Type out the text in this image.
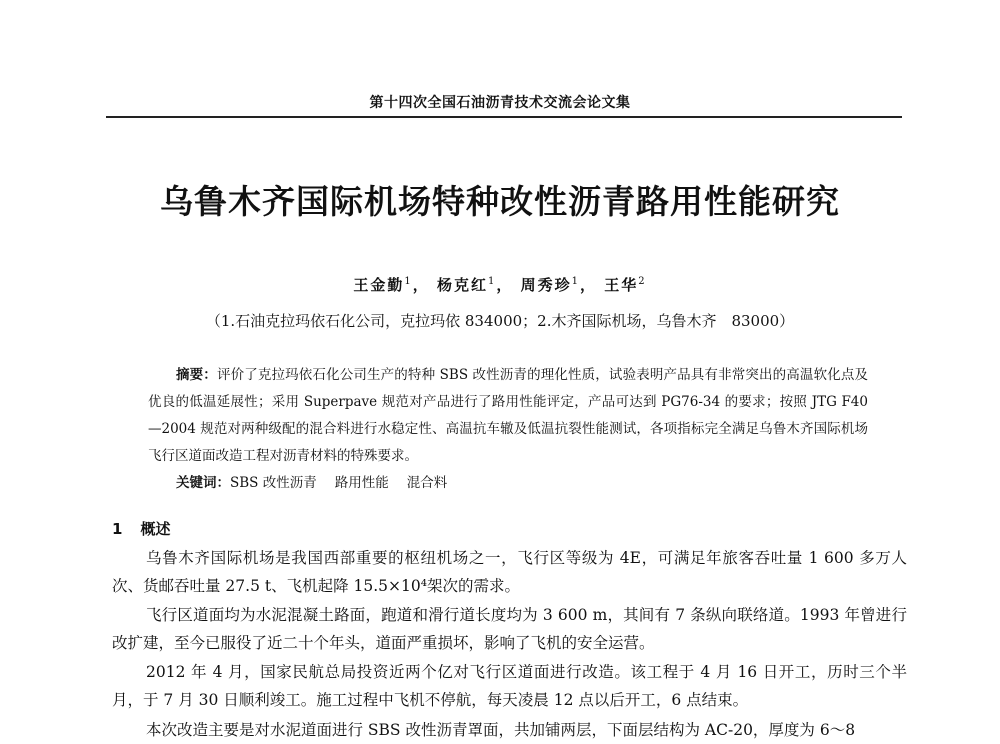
第十四次全国石油沥青技术交流会论文集
乌鲁木齐国际机场特种改性沥青路用性能研究
王金勤$^1$， 杨克红$^1$， 周秀珍$^1$， 王华$^2$
（1.石油克拉玛依石化公司，克拉玛依 834000；2.木齐国际机场，乌鲁木齐　83000）

摘要：评价了克拉玛依石化公司生产的特种 SBS 改性沥青的理化性质，试验表明产品具有非常突出的高温软化点及优良的低温延展性；采用 Superpave 规范对产品进行了路用性能评定，产品可达到 PG76-34 的要求；按照 JTG F40—2004 规范对两种级配的混合料进行水稳定性、高温抗车辙及低温抗裂性能测试，各项指标完全满足乌鲁木齐国际机场飞行区道面改造工程对沥青材料的特殊要求。

关键词：SBS 改性沥青 路用性能 混合料
1 概述

乌鲁木齐国际机场是我国西部重要的枢纽机场之一，飞行区等级为 4E，可满足年旅客吞吐量 1 600 多万人次、货邮吞吐量 27.5 t、飞机起降 15.5×10⁴架次的需求。

飞行区道面均为水泥混凝土路面，跑道和滑行道长度均为 3 600 m，其间有 7 条纵向联络道。1993 年曾进行改扩建，至今已服役了近二十个年头，道面严重损坏，影响了飞机的安全运营。

2012 年 4 月，国家民航总局投资近两个亿对飞行区道面进行改造。该工程于 4 月 16 日开工，历时三个半月，于 7 月 30 日顺利竣工。施工过程中飞机不停航，每天凌晨 12 点以后开工，6 点结束。

本次改造主要是对水泥道面进行 SBS 改性沥青罩面，共加铺两层，下面层结构为 AC-20，厚度为 6～8
